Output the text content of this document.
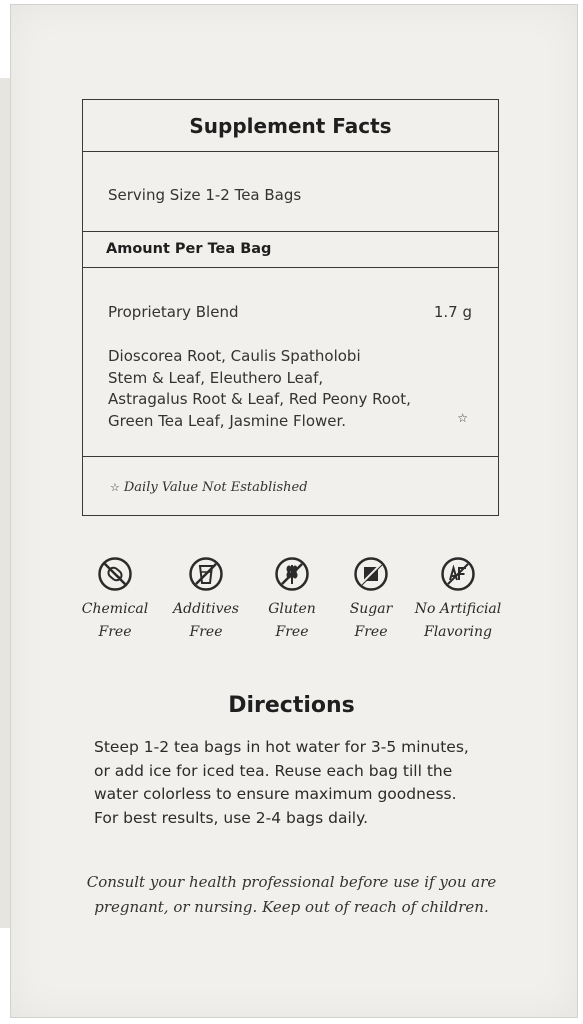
Supplement Facts
Serving Size 1-2 Tea Bags
Amount Per Tea Bag
Proprietary Blend	1.7 g
Dioscorea Root, Caulis Spatholobi
Stem & Leaf, Eleuthero Leaf,
Astragalus Root & Leaf, Red Peony Root,
Green Tea Leaf, Jasmine Flower.	☆
☆ Daily Value Not Established
Chemical
Free
Additives
Free
Gluten
Free
Sugar
Free
No Artificial
Flavoring
Directions
Steep 1-2 tea bags in hot water for 3-5 minutes,
or add ice for iced tea. Reuse each bag till the
water colorless to ensure maximum goodness.
For best results, use 2-4 bags daily.
Consult your health professional before use if you are
pregnant, or nursing. Keep out of reach of children.
